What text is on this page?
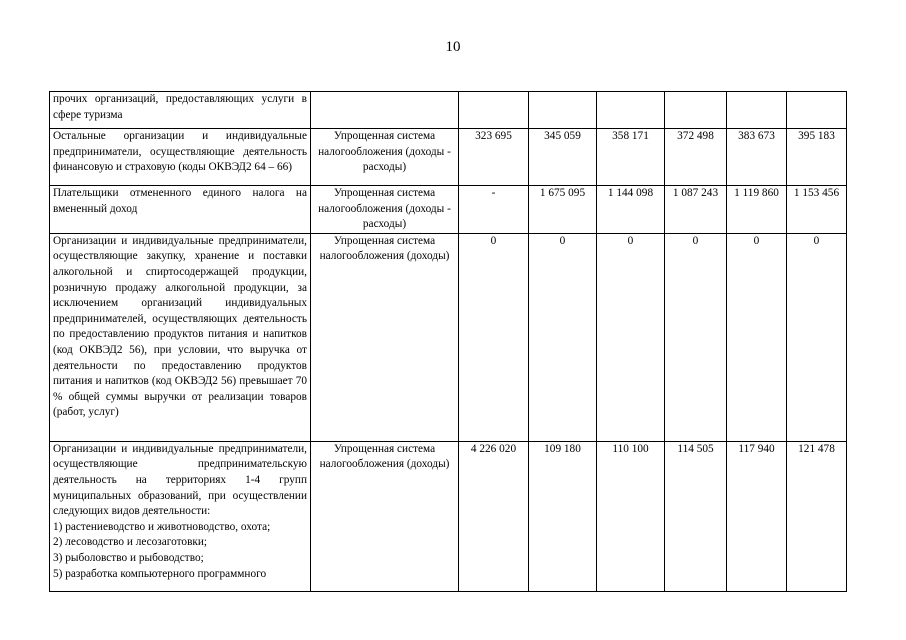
10
прочих организаций, предоставляющих услуги в сфере туризма							
Остальные организации и индивидуальные предприниматели, осуществляющие деятельность финансовую и страховую (коды ОКВЭД2 64 – 66)	Упрощенная система налогообложения (доходы - расходы)	323 695	345 059	358 171	372 498	383 673	395 183
Плательщики отмененного единого налога на вмененный доход	Упрощенная система налогообложения (доходы - расходы)	-	1 675 095	1 144 098	1 087 243	1 119 860	1 153 456
Организации и индивидуальные предприниматели, осуществляющие закупку, хранение и поставки алкогольной и спиртосодержащей продукции, розничную продажу алкогольной продукции, за исключением организаций индивидуальных предпринимателей, осуществляющих деятельность по предоставлению продуктов питания и напитков (код ОКВЭД2 56), при условии, что выручка от деятельности по предоставлению продуктов питания и напитков (код ОКВЭД2 56) превышает 70 % общей суммы выручки от реализации товаров (работ, услуг)	Упрощенная система налогообложения (доходы)	0	0	0	0	0	0

Организации и индивидуальные предприниматели, осуществляющие предпринимательскую деятельность на территориях 1-4 групп муниципальных образований, при осуществлении следующих видов деятельности:
1) растениеводство и животноводство, охота;
2) лесоводство и лесозаготовки;
3) рыболовство и рыбоводство;
5) разработка компьютерного программного	Упрощенная система налогообложения (доходы)	4 226 020	109 180	110 100	114 505	117 940	121 478
